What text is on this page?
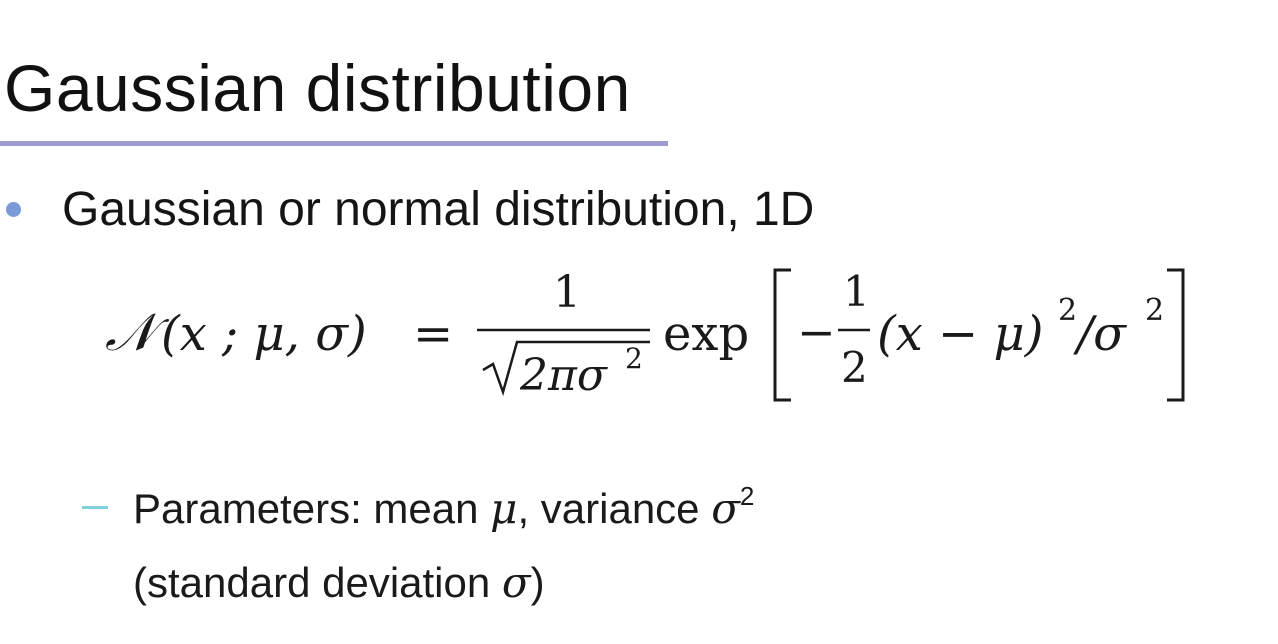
Gaussian distribution
Gaussian or normal distribution, 1D
𝒩 (x ; μ, σ) =
1
2πσ 2 exp −
1
2
(x − μ) 2 /σ 2
Parameters: mean μ, variance $\sigma^2$
(standard deviation σ)
